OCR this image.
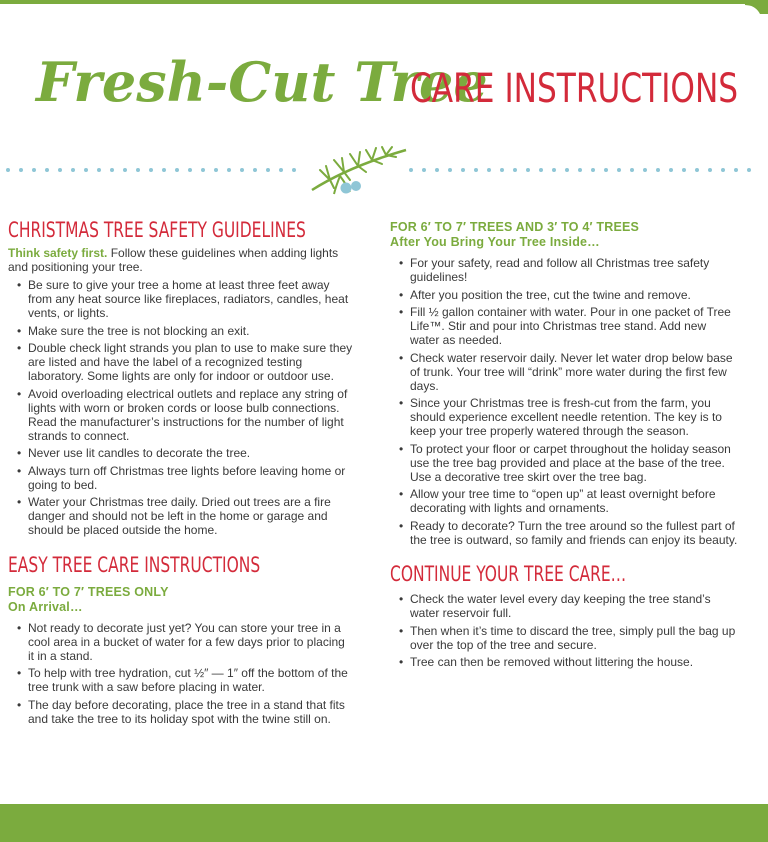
Fresh-Cut Tree
CARE INSTRUCTIONS
CHRISTMAS TREE SAFETY GUIDELINES

Think safety first. Follow these guidelines when adding lights and positioning your tree.

• Be sure to give your tree a home at least three feet away from any heat source like fireplaces, radiators, candles, heat vents, or lights.
• Make sure the tree is not blocking an exit.
• Double check light strands you plan to use to make sure they are listed and have the label of a recognized testing laboratory. Some lights are only for indoor or outdoor use.
• Avoid overloading electrical outlets and replace any string of lights with worn or broken cords or loose bulb connections. Read the manufacturer’s instructions for the number of light strands to connect.
• Never use lit candles to decorate the tree.
• Always turn off Christmas tree lights before leaving home or going to bed.
• Water your Christmas tree daily. Dried out trees are a fire danger and should not be left in the home or garage and should be placed outside the home.
EASY TREE CARE INSTRUCTIONS
FOR 6′ TO 7′ TREES ONLY
On Arrival…
• Not ready to decorate just yet? You can store your tree in a cool area in a bucket of water for a few days prior to placing it in a stand.
• To help with tree hydration, cut ½″ — 1″ off the bottom of the tree trunk with a saw before placing in water.
• The day before decorating, place the tree in a stand that fits and take the tree to its holiday spot with the twine still on.
FOR 6′ TO 7′ TREES AND 3′ TO 4′ TREES
After You Bring Your Tree Inside…
• For your safety, read and follow all Christmas tree safety guidelines!
• After you position the tree, cut the twine and remove.
• Fill ½ gallon container with water. Pour in one packet of Tree Life™. Stir and pour into Christmas tree stand. Add new water as needed.
• Check water reservoir daily. Never let water drop below base of trunk. Your tree will “drink” more water during the first few days.
• Since your Christmas tree is fresh-cut from the farm, you should experience excellent needle retention. The key is to keep your tree properly watered through the season.
• To protect your floor or carpet throughout the holiday season use the tree bag provided and place at the base of the tree. Use a decorative tree skirt over the tree bag.
• Allow your tree time to “open up” at least overnight before decorating with lights and ornaments.
• Ready to decorate? Turn the tree around so the fullest part of the tree is outward, so family and friends can enjoy its beauty.
CONTINUE YOUR TREE CARE…
• Check the water level every day keeping the tree stand’s water reservoir full.
• Then when it’s time to discard the tree, simply pull the bag up over the top of the tree and secure.
• Tree can then be removed without littering the house.
